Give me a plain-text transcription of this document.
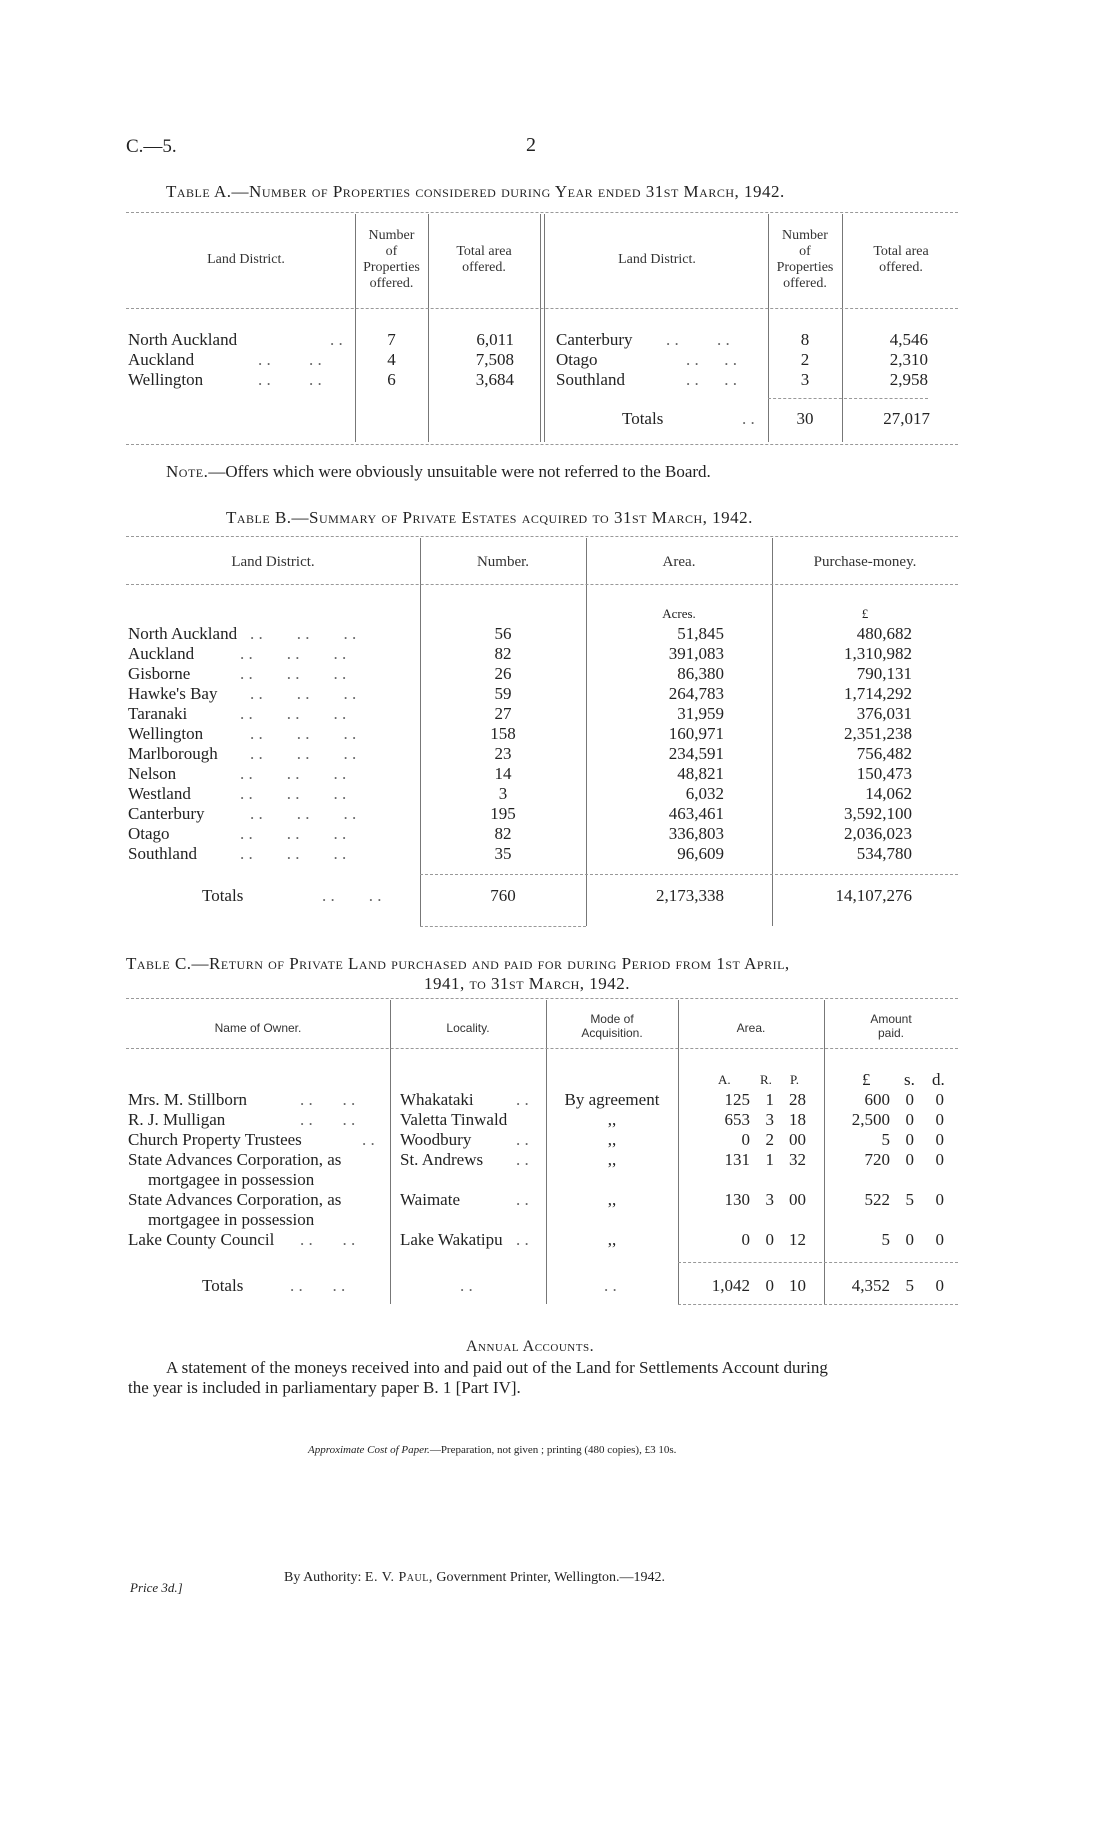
C.—5.	2
Table A.—Number of Properties considered during Year ended 31st March, 1942.
Land District.
Number
of
Properties
offered.
Total area
offered.
Land District.
Number
of
Properties
offered.
Total area
offered.
North Auckland	. .	7	6,011
Auckland	. .         . .	4	7,508
Wellington	. .         . .	6	3,684
Canterbury . .         . .	8	4,546
Otago	. .      . .	2	2,310
Southland	. .      . .	3	2,958
Totals	. .	30	27,017
Note.—Offers which were obviously unsuitable were not referred to the Board.
Table B.—Summary of Private Estates acquired to 31st March, 1942.
Land District.	Number.	Area.	Purchase-money.
Acres.	£
North Auckland . .        . .        . .	56	51,845	480,682
Auckland	. .        . .        . .	82	391,083	1,310,982
Gisborne	. .        . .        . .	26	86,380	790,131
Hawke's Bay . .        . .        . .	59	264,783	1,714,292
Taranaki	. .        . .        . .	27	31,959	376,031
Wellington	. .        . .        . .	158	160,971	2,351,238
Marlborough . .        . .        . .	23	234,591	756,482
Nelson	. .        . .        . .	14	48,821	150,473
Westland	. .        . .        . .	3	6,032	14,062
Canterbury	. .        . .        . .	195	463,461	3,592,100
Otago	. .        . .        . .	82	336,803	2,036,023
Southland	. .        . .        . .	35	96,609	534,780
Totals	. .        . .	760	2,173,338	14,107,276
Table C.—Return of Private Land purchased and paid for during Period from 1st April,
1941, to 31st March, 1942.
Name of Owner.	Locality.
Mode of
Acquisition.	Area.
Amount
paid.
A. R. P.	£ s. d.
Mrs. M. Stillborn	. .       . .	Whakataki . .	By agreement	125 1 28	600 0	0
R. J. Mulligan	. .       . .	Valetta Tinwald	,,	653 3 18	2,500 0	0
Church Property Trustees	. . Woodbury	. .	,,	0 2 00	5 0	0
State Advances Corporation, as
mortgagee in possession
St. Andrews . .	,,	131 1 32	720 0	0
State Advances Corporation, as
mortgagee in possession
Waimate	. .	,,	130 3 00	522 5	0
Lake County Council . .       . .	Lake Wakatipu . .	,,	0 0 12	5 0	0
Totals	. .       . .	. .	. .	1,042 0 10	4,352 5	0
Annual Accounts.
A statement of the moneys received into and paid out of the Land for Settlements Account during
the year is included in parliamentary paper B. 1 [Part IV].
Approximate Cost of Paper.—Preparation, not given ; printing (480 copies), £3 10s.
By Authority: E. V. Paul, Government Printer, Wellington.—1942.
Price 3d.]
